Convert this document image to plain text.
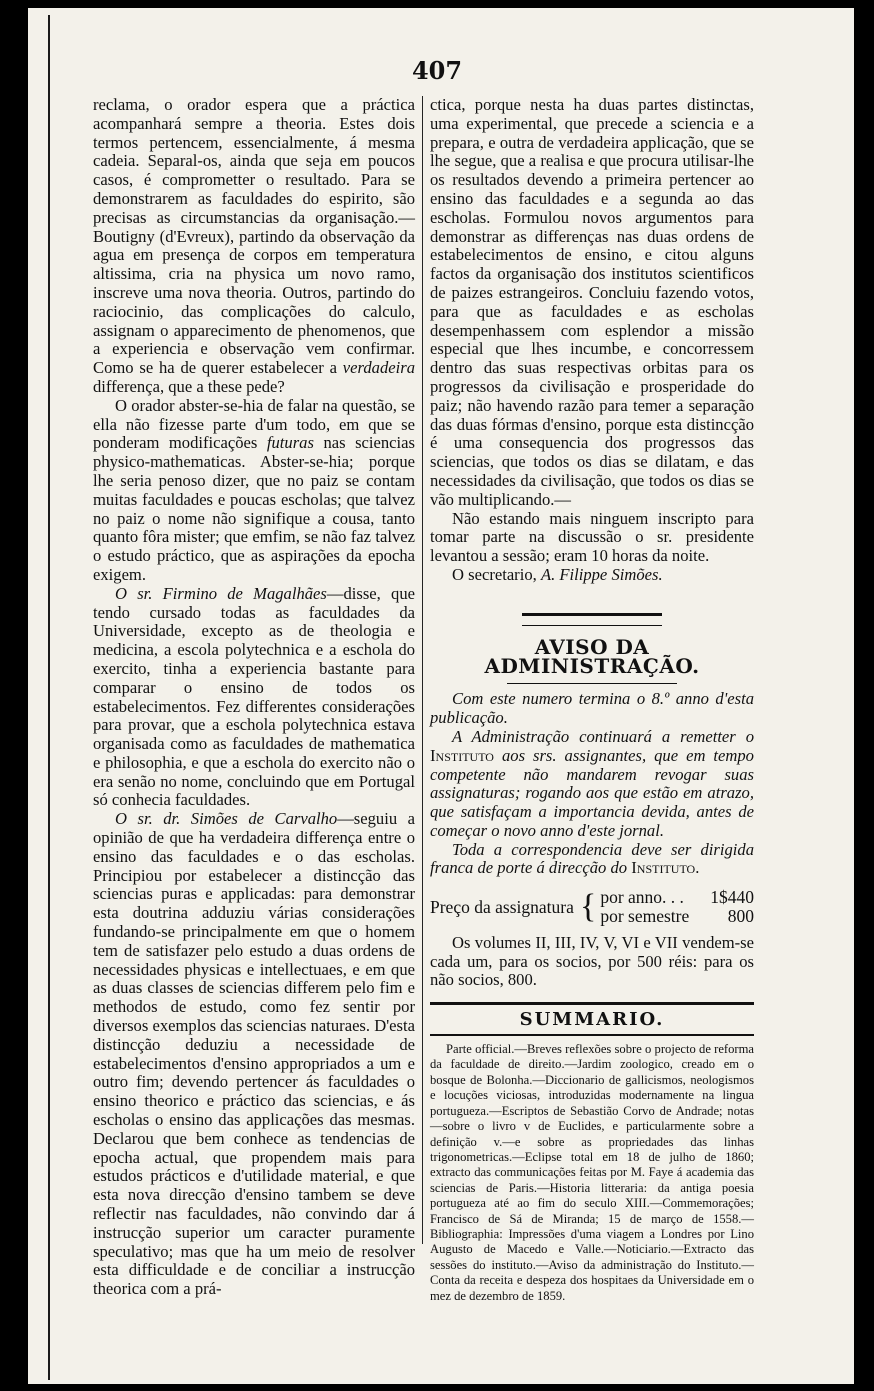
407

reclama, o orador espera que a práctica acompanhará sempre a theoria. Estes dois termos pertencem, essencialmente, á mesma cadeia. Separal-os, ainda que seja em poucos casos, é comprometter o resultado. Para se demonstrarem as faculdades do espirito, são precisas as circumstancias da organisação.—Boutigny (d'Evreux), partindo da observação da agua em presença de corpos em temperatura altissima, cria na physica um novo ramo, inscreve uma nova theoria. Outros, partindo do raciocinio, das complicações do calculo, assignam o apparecimento de phenomenos, que a experiencia e observação vem confirmar. Como se ha de querer estabelecer a verdadeira differença, que a these pede?

O orador abster-se-hia de falar na questão, se ella não fizesse parte d'um todo, em que se ponderam modificações futuras nas sciencias physico-mathematicas. Abster-se-hia; porque lhe seria penoso dizer, que no paiz se contam muitas faculdades e poucas escholas; que talvez no paiz o nome não signifique a cousa, tanto quanto fôra mister; que emfim, se não faz talvez o estudo práctico, que as aspirações da epocha exigem.

O sr. Firmino de Magalhães—disse, que tendo cursado todas as faculdades da Universidade, excepto as de theologia e medicina, a escola polytechnica e a eschola do exercito, tinha a experiencia bastante para comparar o ensino de todos os estabelecimentos. Fez differentes considerações para provar, que a eschola polytechnica estava organisada como as faculdades de mathematica e philosophia, e que a eschola do exercito não o era senão no nome, concluindo que em Portugal só conhecia faculdades.

O sr. dr. Simões de Carvalho—seguiu a opinião de que ha verdadeira differença entre o ensino das faculdades e o das escholas. Principiou por estabelecer a distincção das sciencias puras e applicadas: para demonstrar esta doutrina adduziu várias considerações fundando-se principalmente em que o homem tem de satisfazer pelo estudo a duas ordens de necessidades physicas e intellectuaes, e em que as duas classes de sciencias differem pelo fim e methodos de estudo, como fez sentir por diversos exemplos das sciencias naturaes. D'esta distincção deduziu a necessidade de estabelecimentos d'ensino appropriados a um e outro fim; devendo pertencer ás faculdades o ensino theorico e práctico das sciencias, e ás escholas o ensino das applicações das mesmas. Declarou que bem conhece as tendencias de epocha actual, que propendem mais para estudos prácticos e d'utilidade material, e que esta nova direcção d'ensino tambem se deve reflectir nas faculdades, não convindo dar á instrucção superior um caracter puramente speculativo; mas que ha um meio de resolver esta difficuldade e de conciliar a instrucção theorica com a prá-

ctica, porque nesta ha duas partes distinctas, uma experimental, que precede a sciencia e a prepara, e outra de verdadeira applicação, que se lhe segue, que a realisa e que procura utilisar-lhe os resultados devendo a primeira pertencer ao ensino das faculdades e a segunda ao das escholas. Formulou novos argumentos para demonstrar as differenças nas duas ordens de estabelecimentos de ensino, e citou alguns factos da organisação dos institutos scientificos de paizes estrangeiros. Concluiu fazendo votos, para que as faculdades e as escholas desempenhassem com esplendor a missão especial que lhes incumbe, e concorressem dentro das suas respectivas orbitas para os progressos da civilisação e prosperidade do paiz; não havendo razão para temer a separação das duas fórmas d'ensino, porque esta distincção é uma consequencia dos progressos das sciencias, que todos os dias se dilatam, e das necessidades da civilisação, que todos os dias se vão multiplicando.—

Não estando mais ninguem inscripto para tomar parte na discussão o sr. presidente levantou a sessão; eram 10 horas da noite.

O secretario, A. Filippe Simões.

AVISO DA ADMINISTRAÇÃO.

Com este numero termina o 8.º anno d'esta publicação.

A Administração continuará a remetter o Instituto aos srs. assignantes, que em tempo competente não mandarem revogar suas assignaturas; rogando aos que estão em atrazo, que satisfaçam a importancia devida, antes de começar o novo anno d'este jornal.

Toda a correspondencia deve ser dirigida franca de porte á direcção do Instituto.

Preço da assignatura { por anno. . . 1$440
por semestre 800

Os volumes II, III, IV, V, VI e VII vendem-se cada um, para os socios, por 500 réis: para os não socios, 800.

SUMMARIO.

Parte official.—Breves reflexões sobre o projecto de reforma da faculdade de direito.—Jardim zoologico, creado em o bosque de Bolonha.—Diccionario de gallicismos, neologismos e locuções viciosas, introduzidas modernamente na lingua portugueza.—Escriptos de Sebastião Corvo de Andrade; notas—sobre o livro v de Euclides, e particularmente sobre a definição v.—e sobre as propriedades das linhas trigonometricas.—Eclipse total em 18 de julho de 1860; extracto das communicações feitas por M. Faye á academia das sciencias de Paris.—Historia litteraria: da antiga poesia portugueza até ao fim do seculo XIII.—Commemorações; Francisco de Sá de Miranda; 15 de março de 1558.—Bibliographia: Impressões d'uma viagem a Londres por Lino Augusto de Macedo e Valle.—Noticiario.—Extracto das sessões do instituto.—Aviso da administração do Instituto.—Conta da receita e despeza dos hospitaes da Universidade em o mez de dezembro de 1859.
